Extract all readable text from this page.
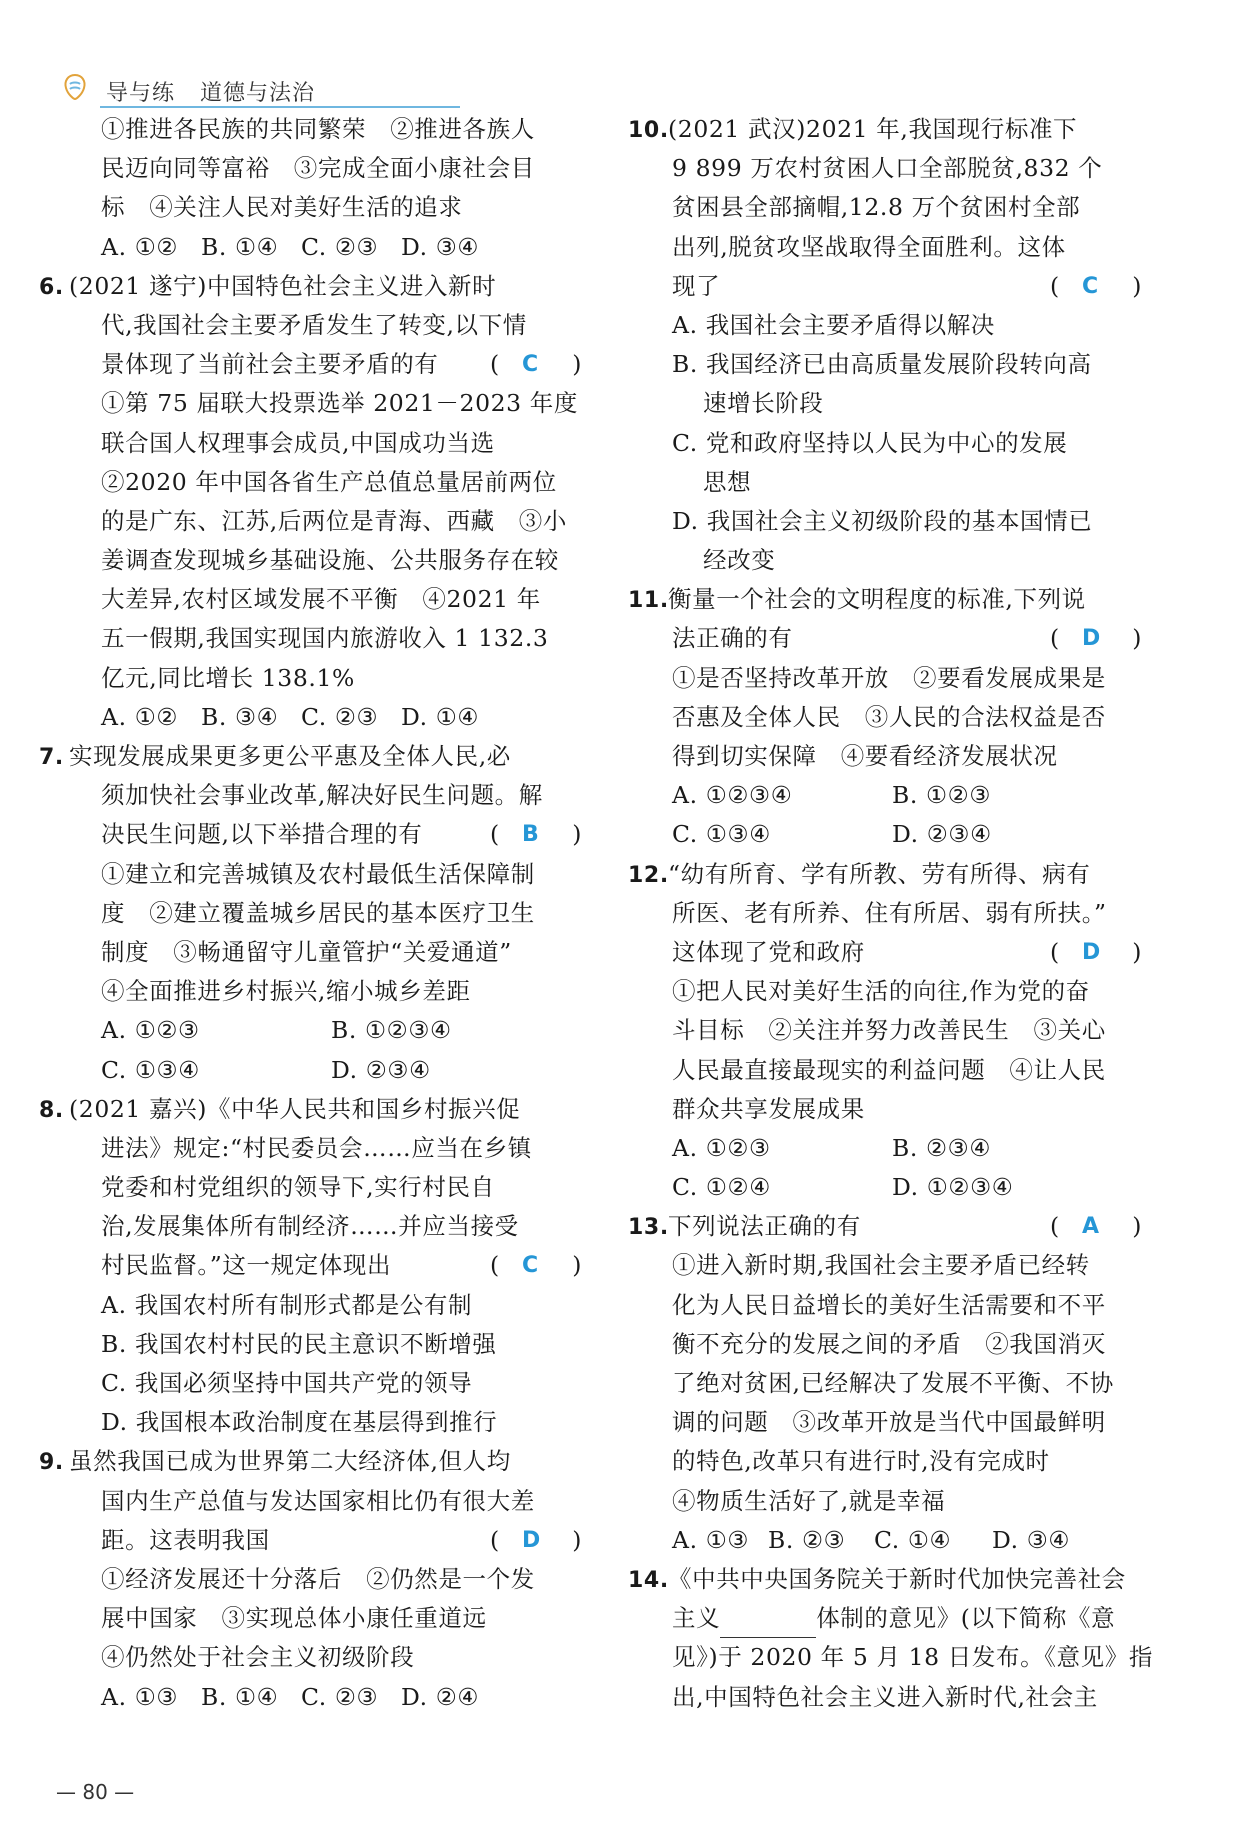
导与练 道德与法治
①推进各民族的共同繁荣　②推进各族人
民迈向同等富裕　③完成全面小康社会目
标　④关注人民对美好生活的追求
A. ①② B. ①④ C. ②③ D. ③④
6. (2021 遂宁)中国特色社会主义进入新时
代,我国社会主要矛盾发生了转变,以下情
景体现了当前社会主要矛盾的有 ( C )
①第 75 届联大投票选举 2021－2023 年度
联合国人权理事会成员,中国成功当选
②2020 年中国各省生产总值总量居前两位
的是广东、江苏,后两位是青海、西藏　③小
姜调查发现城乡基础设施、公共服务存在较
大差异,农村区域发展不平衡　④2021 年
五一假期,我国实现国内旅游收入 1 132.3
亿元,同比增长 138.1%
A. ①② B. ③④ C. ②③ D. ①④
7. 实现发展成果更多更公平惠及全体人民,必
须加快社会事业改革,解决好民生问题。解
决民生问题,以下举措合理的有	( B )
①建立和完善城镇及农村最低生活保障制
度　②建立覆盖城乡居民的基本医疗卫生
制度　③畅通留守儿童管护“关爱通道”
④全面推进乡村振兴,缩小城乡差距
A. ①②③	B. ①②③④
C. ①③④	D. ②③④
8. (2021 嘉兴)《中华人民共和国乡村振兴促
进法》规定:“村民委员会……应当在乡镇
党委和村党组织的领导下,实行村民自
治,发展集体所有制经济……并应当接受
村民监督。”这一规定体现出	( C )
A. 我国农村所有制形式都是公有制
B. 我国农村村民的民主意识不断增强
C. 我国必须坚持中国共产党的领导
D. 我国根本政治制度在基层得到推行
9. 虽然我国已成为世界第二大经济体,但人均
国内生产总值与发达国家相比仍有很大差
距。这表明我国	( D )
①经济发展还十分落后　②仍然是一个发
展中国家　③实现总体小康任重道远
④仍然处于社会主义初级阶段
A. ①③ B. ①④ C. ②③ D. ②④
10.(2021 武汉)2021 年,我国现行标准下
9 899 万农村贫困人口全部脱贫,832 个
贫困县全部摘帽,12.8 万个贫困村全部
出列,脱贫攻坚战取得全面胜利。这体
现了	( C )
A. 我国社会主要矛盾得以解决
B. 我国经济已由高质量发展阶段转向高
速增长阶段
C. 党和政府坚持以人民为中心的发展
思想
D. 我国社会主义初级阶段的基本国情已
经改变
11.衡量一个社会的文明程度的标准,下列说
法正确的有	( D )
①是否坚持改革开放　②要看发展成果是
否惠及全体人民　③人民的合法权益是否
得到切实保障　④要看经济发展状况
A. ①②③④	B. ①②③
C. ①③④	D. ②③④
12.“幼有所育、学有所教、劳有所得、病有
所医、老有所养、住有所居、弱有所扶。”
这体现了党和政府	( D )
①把人民对美好生活的向往,作为党的奋
斗目标　②关注并努力改善民生　③关心
人民最直接最现实的利益问题　④让人民
群众共享发展成果
A. ①②③	B. ②③④
C. ①②④	D. ①②③④
13.下列说法正确的有	( A )
①进入新时期,我国社会主要矛盾已经转
化为人民日益增长的美好生活需要和不平
衡不充分的发展之间的矛盾　②我国消灭
了绝对贫困,已经解决了发展不平衡、不协
调的问题　③改革开放是当代中国最鲜明
的特色,改革只有进行时,没有完成时
④物质生活好了,就是幸福
A. ①③ B. ②③	C. ①④	D. ③④
14.《中共中央国务院关于新时代加快完善社会
主义	体制的意见》(以下简称《意
见》)于 2020 年 5 月 18 日发布。《意见》指
出,中国特色社会主义进入新时代,社会主
— 80 —
